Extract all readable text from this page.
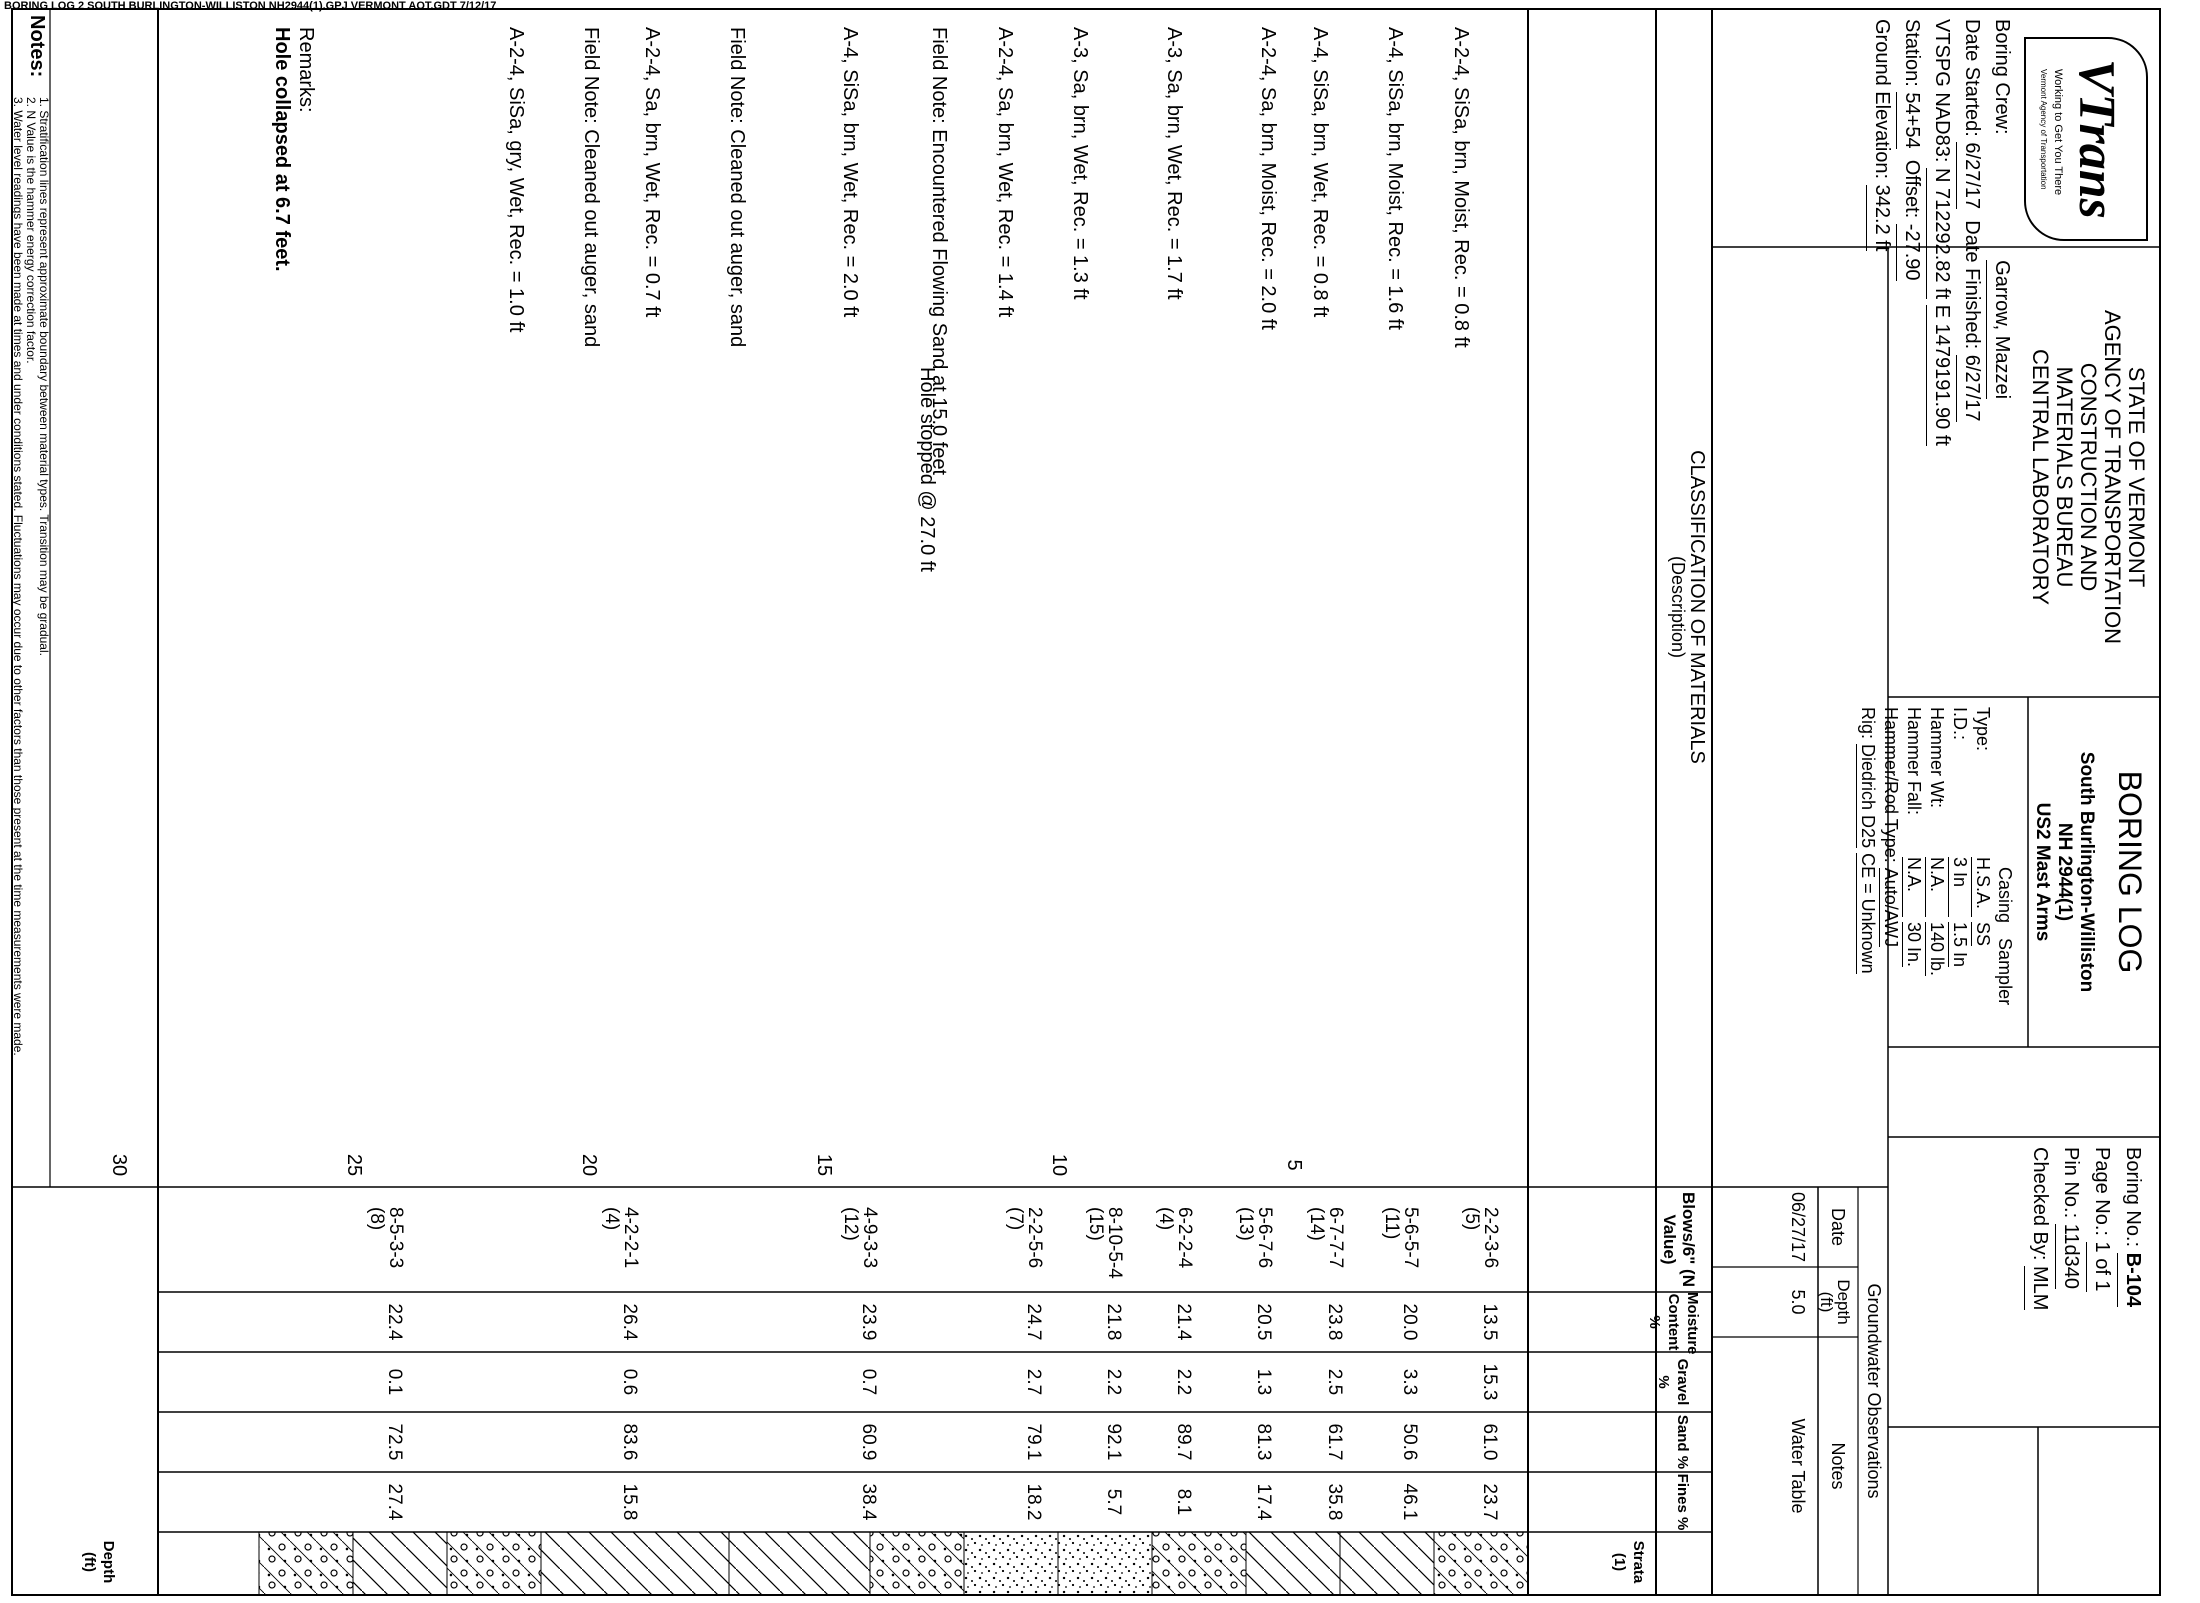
BORING LOG 2 SOUTH BURLINGTON-WILLISTON NH2944(1).GPJ VERMONT AOT.GDT 7/12/17
VTrans
Working to Get You There
Vermont Agency of Transportation
STATE OF VERMONT
AGENCY OF TRANSPORTATION
CONSTRUCTION AND
MATERIALS BUREAU
CENTRAL LABORATORY
BORING LOG
South Burlington-Williston
NH 2944(1)
US2 Mast Arms
Boring No.: B-104
Page No.: 1 of 1
Pin No.: 11d340
Checked By: MLM
Boring Crew: Garrow, Mazzei
Date Started: 6/27/17  Date Finished: 6/27/17
VTSPG NAD83: N 712292.82 ft E 1479191.90 ft
Station: 54+54  Offset: -27.90
Ground Elevation: 342.2 ft
Casing   Sampler
Type:H.S.A. SS
I.D.:3 In 1.5 In
Hammer Wt:N.A. 140 lb.
Hammer Fall:N.A. 30 In.
Hammer/Rod Type: Auto/AWJ
Rig: Diedrich D25 CE = Unknown
Groundwater Observations
Date
Depth (ft)
Notes
06/27/17
5.0
Water Table
CLASSIFICATION OF MATERIALS
(Description)
Blows/6" (N Value)
Moisture Content %
Gravel %
Sand %
Fines %
Strata (1)
Depth (ft)
A-2-4, SiSa, brn, Moist, Rec. = 0.8 ft
A-4, SiSa, brn, Moist, Rec. = 1.6 ft
A-4, SiSa, brn, Wet, Rec. = 0.8 ft
A-2-4, Sa, brn, Moist, Rec. = 2.0 ft
A-3, Sa, brn, Wet, Rec. = 1.7 ft
A-3, Sa, brn, Wet, Rec. = 1.3 ft
A-2-4, Sa, brn, Wet, Rec. = 1.4 ft
Field Note: Encountered Flowing Sand at 15.0 feet
A-4, SiSa, brn, Wet, Rec. = 2.0 ft
Field Note: Cleaned out auger, sand
A-2-4, Sa, brn, Wet, Rec. = 0.7 ft
Field Note: Cleaned out auger, sand
A-2-4, SiSa, gry, Wet, Rec. = 1.0 ft
Hole stopped @ 27.0 ft
Remarks:
Hole collapsed at 6.7 feet.
5
10
15
20
25
30
2-2-3-6
(5)
13.5
15.3
61.0
23.7
5-6-5-7
(11)
20.0
3.3
50.6
46.1
6-7-7-7
(14)
23.8
2.5
61.7
35.8
5-6-7-6
(13)
20.5
1.3
81.3
17.4
6-2-2-4
(4)
21.4
2.2
89.7
8.1
8-10-5-4
(15)
21.8
2.2
92.1
5.7
2-2-5-6
(7)
24.7
2.7
79.1
18.2
4-9-3-3
(12)
23.9
0.7
60.9
38.4
4-2-2-1
(4)
26.4
0.6
83.6
15.8
8-5-3-3
(8)
22.4
0.1
72.5
27.4
Notes:
1. Stratification lines represent approximate boundary between material types. Transition may be gradual.
2. N Value is the hammer energy correction factor.
3. Water level readings have been made at times and under conditions stated. Fluctuations may occur due to other factors than those present at the time measurements were made.
